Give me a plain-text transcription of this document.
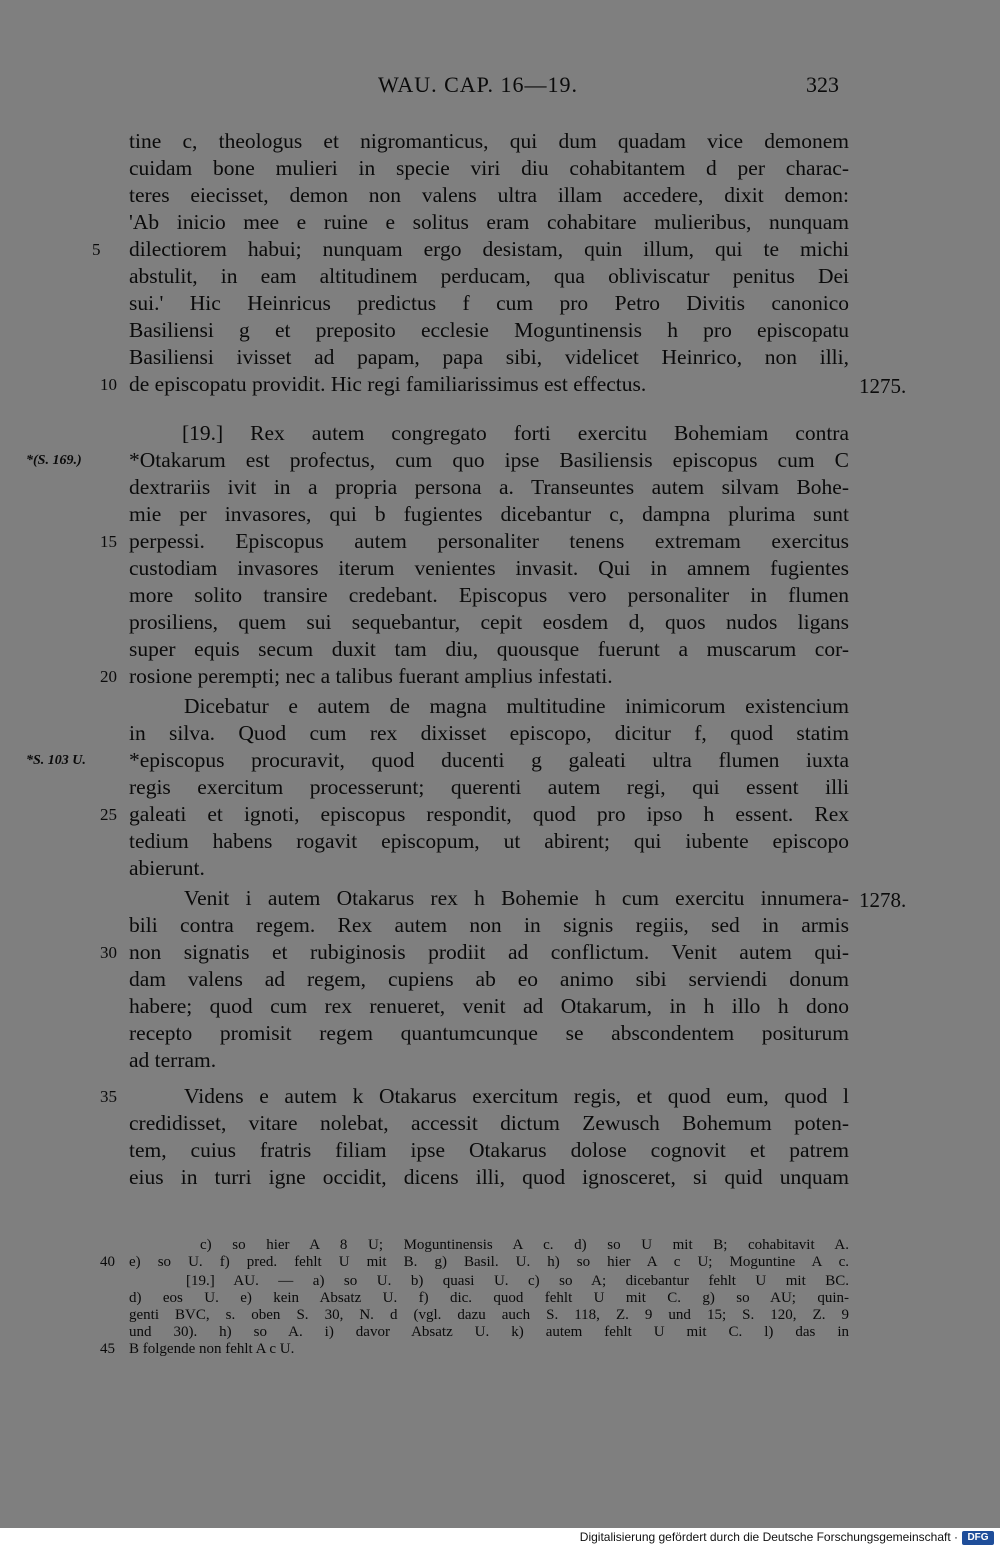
WAU. CAP. 16—19.	323
tine c, theologus et nigromanticus, qui dum quadam vice demonem
cuidam bone mulieri in specie viri diu cohabitantem d per charac-
teres eiecisset, demon non valens ultra illam accedere, dixit demon:
'Ab inicio mee e ruine e solitus eram cohabitare mulieribus, nunquam
dilectiorem habui; nunquam ergo desistam, quin illum, qui te michi
abstulit, in eam altitudinem perducam, qua obliviscatur penitus Dei
sui.' Hic Heinricus predictus f cum pro Petro Divitis canonico
Basiliensi g et preposito ecclesie Moguntinensis h pro episcopatu
Basiliensi ivisset ad papam, papa sibi, videlicet Heinrico, non illi,
de episcopatu providit. Hic regi familiarissimus est effectus.
[19.] Rex autem congregato forti exercitu Bohemiam contra
*Otakarum est profectus, cum quo ipse Basiliensis episcopus cum C
dextrariis ivit in a propria persona a. Transeuntes autem silvam Bohe-
mie per invasores, qui b fugientes dicebantur c, dampna plurima sunt
perpessi. Episcopus autem personaliter tenens extremam exercitus
custodiam invasores iterum venientes invasit. Qui in amnem fugientes
more solito transire credebant. Episcopus vero personaliter in flumen
prosiliens, quem sui sequebantur, cepit eosdem d, quos nudos ligans
super equis secum duxit tam diu, quousque fuerunt a muscarum cor-
rosione perempti; nec a talibus fuerant amplius infestati.
Dicebatur e autem de magna multitudine inimicorum existencium
in silva. Quod cum rex dixisset episcopo, dicitur f, quod statim
*episcopus procuravit, quod ducenti g galeati ultra flumen iuxta
regis exercitum processerunt; querenti autem regi, qui essent illi
galeati et ignoti, episcopus respondit, quod pro ipso h essent. Rex
tedium habens rogavit episcopum, ut abirent; qui iubente episcopo
abierunt.
Venit i autem Otakarus rex h Bohemie h cum exercitu innumera-
bili contra regem. Rex autem non in signis regiis, sed in armis
non signatis et rubiginosis prodiit ad conflictum. Venit autem qui-
dam valens ad regem, cupiens ab eo animo sibi serviendi donum
habere; quod cum rex renueret, venit ad Otakarum, in h illo h dono
recepto promisit regem quantumcunque se abscondentem positurum
ad terram.
Videns e autem k Otakarus exercitum regis, et quod eum, quod l
credidisset, vitare nolebat, accessit dictum Zewusch Bohemum poten-
tem, cuius fratris filiam ipse Otakarus dolose cognovit et patrem
eius in turri igne occidit, dicens illi, quod ignosceret, si quid unquam
5
10
15
20
25
30
35
*(S. 169.)
*S. 103 U.
1275.
1278.
c) so hier A 8 U; Moguntinensis A c. d) so U mit B; cohabitavit A.
e) so U. f) pred. fehlt U mit B. g) Basil. U. h) so hier A c U; Moguntine A c.
[19.] AU. — a) so U. b) quasi U. c) so A; dicebantur fehlt U mit BC.
d) eos U. e) kein Absatz U. f) dic. quod fehlt U mit C. g) so AU; quin-
genti BVC, s. oben S. 30, N. d (vgl. dazu auch S. 118, Z. 9 und 15; S. 120, Z. 9
und 30). h) so A. i) davor Absatz U. k) autem fehlt U mit C. l) das in
B folgende non fehlt A c U.
40
45
Digitalisierung gefördert durch die Deutsche Forschungsgemeinschaft · DFG
